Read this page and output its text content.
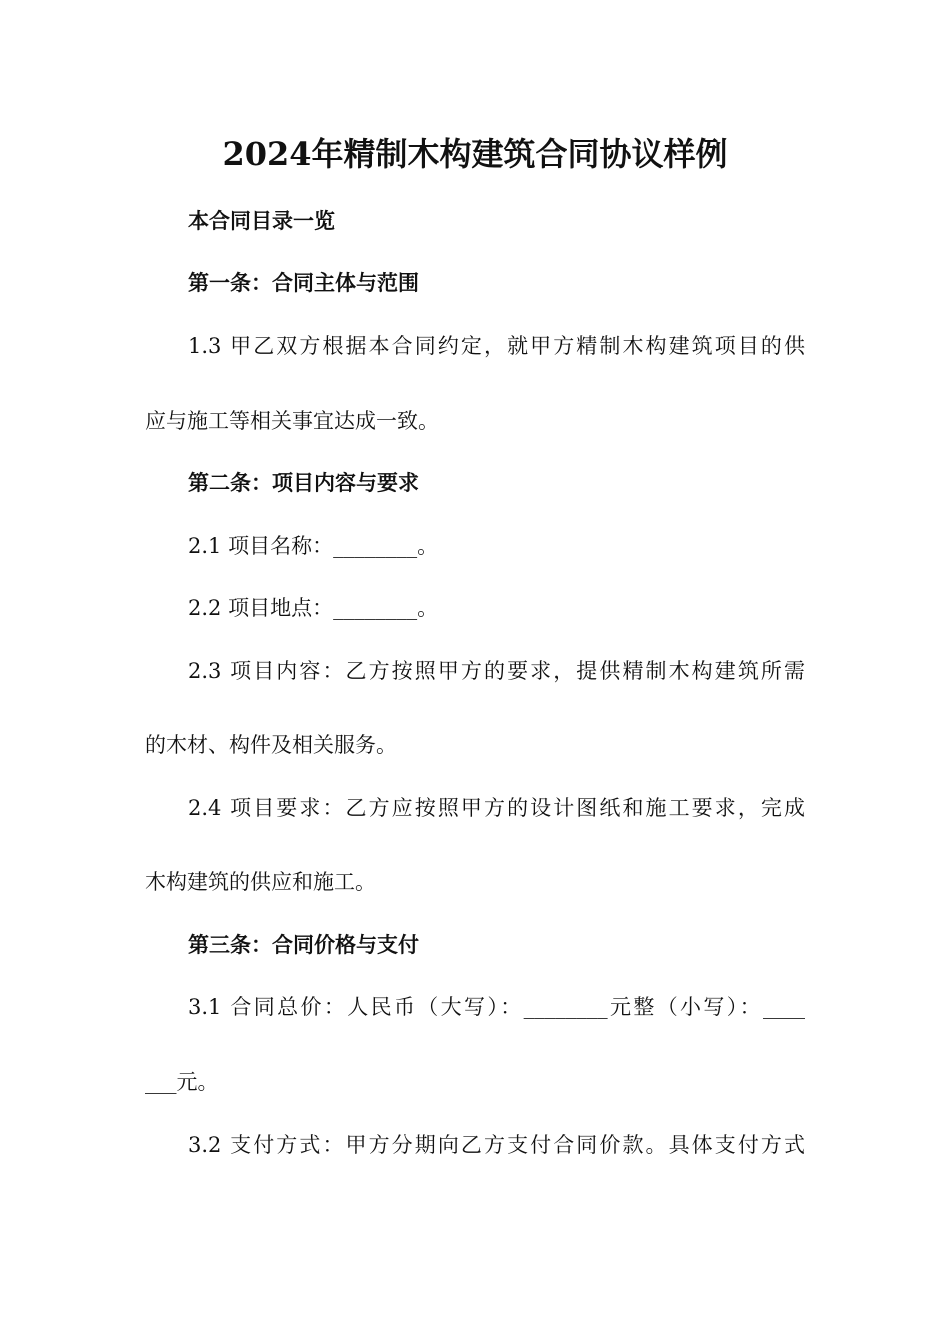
2024年精制木构建筑合同协议样例
本合同目录一览
第一条：合同主体与范围
1.3 甲乙双方根据本合同约定，就甲方精制木构建筑项目的供
应与施工等相关事宜达成一致。
第二条：项目内容与要求
2.1 项目名称：________。
2.2 项目地点：________。
2.3 项目内容：乙方按照甲方的要求，提供精制木构建筑所需
的木材、构件及相关服务。
2.4 项目要求：乙方应按照甲方的设计图纸和施工要求，完成
木构建筑的供应和施工。
第三条：合同价格与支付
3.1 合同总价：人民币（大写）：________元整（小写）：____
___元。
3.2 支付方式：甲方分期向乙方支付合同价款。具体支付方式
